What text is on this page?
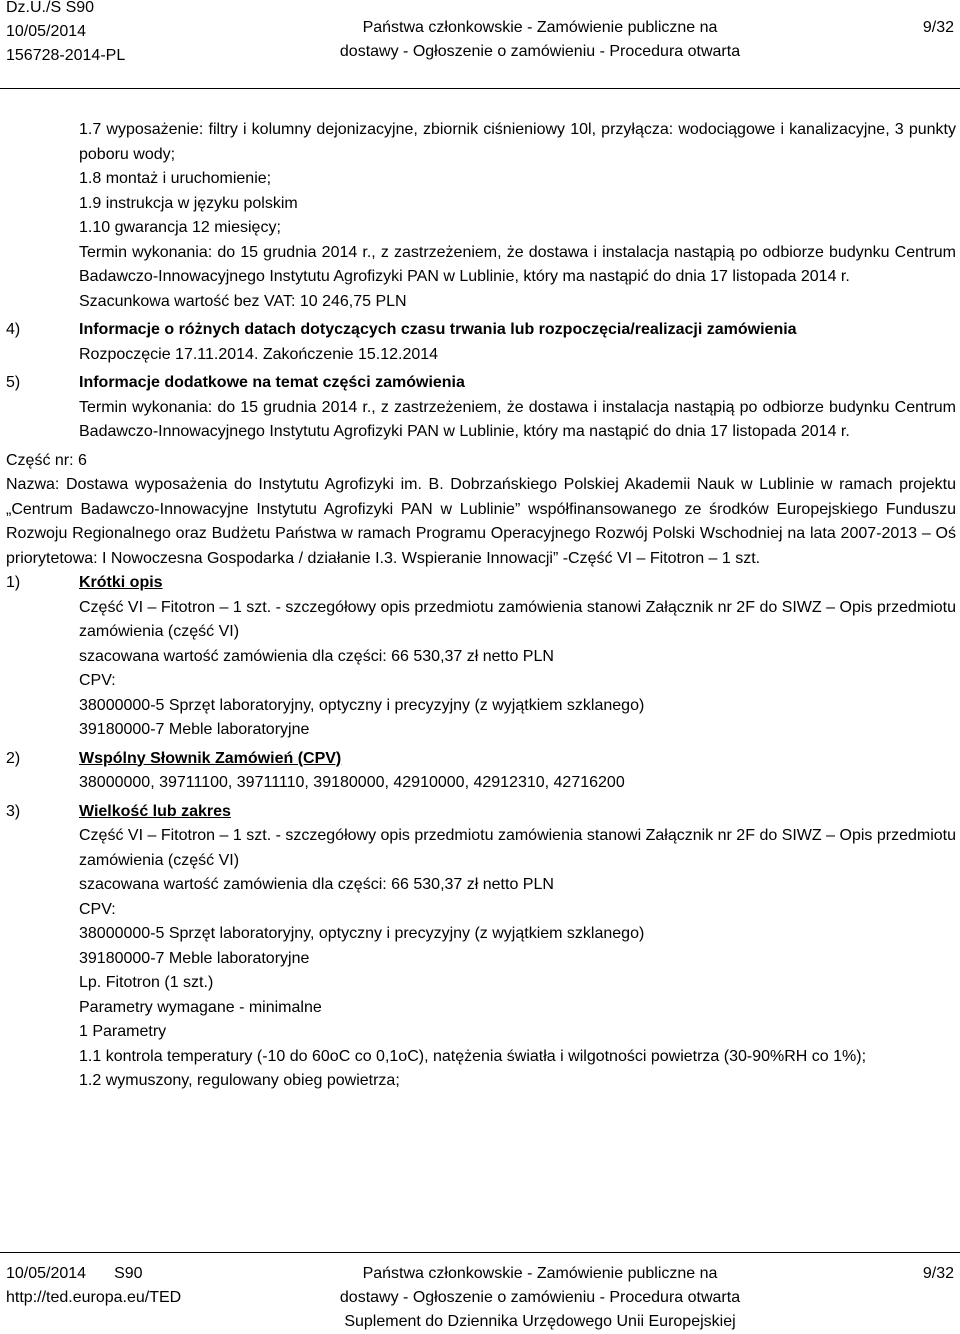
Dz.U./S S90
10/05/2014
156728-2014-PL
Państwa członkowskie - Zamówienie publiczne na
dostawy - Ogłoszenie o zamówieniu - Procedura otwarta
9/32
1.7 wyposażenie: filtry i kolumny dejonizacyjne, zbiornik ciśnieniowy 10l, przyłącza: wodociągowe i kanalizacyjne, 3 punkty poboru wody;
1.8 montaż i uruchomienie;
1.9 instrukcja w języku polskim
1.10 gwarancja 12 miesięcy;
Termin wykonania: do 15 grudnia 2014 r., z zastrzeżeniem, że dostawa i instalacja nastąpią po odbiorze budynku Centrum Badawczo-Innowacyjnego Instytutu Agrofizyki PAN w Lublinie, który ma nastąpić do dnia 17 listopada 2014 r.
Szacunkowa wartość bez VAT: 10 246,75 PLN
4)	Informacje o różnych datach dotyczących czasu trwania lub rozpoczęcia/realizacji zamówienia
Rozpoczęcie 17.11.2014. Zakończenie 15.12.2014
5)	Informacje dodatkowe na temat części zamówienia
Termin wykonania: do 15 grudnia 2014 r., z zastrzeżeniem, że dostawa i instalacja nastąpią po odbiorze budynku Centrum Badawczo-Innowacyjnego Instytutu Agrofizyki PAN w Lublinie, który ma nastąpić do dnia 17 listopada 2014 r.
Część nr: 6
Nazwa: Dostawa wyposażenia do Instytutu Agrofizyki im. B. Dobrzańskiego Polskiej Akademii Nauk w Lublinie w ramach projektu „Centrum Badawczo-Innowacyjne Instytutu Agrofizyki PAN w Lublinie” współfinansowanego ze środków Europejskiego Funduszu Rozwoju Regionalnego oraz Budżetu Państwa w ramach Programu Operacyjnego Rozwój Polski Wschodniej na lata 2007-2013 – Oś priorytetowa: I Nowoczesna Gospodarka / działanie I.3. Wspieranie Innowacji” -Część VI – Fitotron – 1 szt.
1)	Krótki opis
Część VI – Fitotron – 1 szt. - szczegółowy opis przedmiotu zamówienia stanowi Załącznik nr 2F do SIWZ – Opis przedmiotu zamówienia (część VI)
szacowana wartość zamówienia dla części: 66 530,37 zł netto PLN
CPV:
38000000-5 Sprzęt laboratoryjny, optyczny i precyzyjny (z wyjątkiem szklanego)
39180000-7 Meble laboratoryjne
2)	Wspólny Słownik Zamówień (CPV)
38000000, 39711100, 39711110, 39180000, 42910000, 42912310, 42716200
3)	Wielkość lub zakres
Część VI – Fitotron – 1 szt. - szczegółowy opis przedmiotu zamówienia stanowi Załącznik nr 2F do SIWZ – Opis przedmiotu zamówienia (część VI)
szacowana wartość zamówienia dla części: 66 530,37 zł netto PLN
CPV:
38000000-5 Sprzęt laboratoryjny, optyczny i precyzyjny (z wyjątkiem szklanego)
39180000-7 Meble laboratoryjne
Lp. Fitotron (1 szt.)
Parametry wymagane - minimalne
1 Parametry
1.1 kontrola temperatury (-10 do 60oC co 0,1oC), natężenia światła i wilgotności powietrza (30-90%RH co 1%);
1.2 wymuszony, regulowany obieg powietrza;
10/05/2014 S90
http://ted.europa.eu/TED
Państwa członkowskie - Zamówienie publiczne na
dostawy - Ogłoszenie o zamówieniu - Procedura otwarta
Suplement do Dziennika Urzędowego Unii Europejskiej
9/32
